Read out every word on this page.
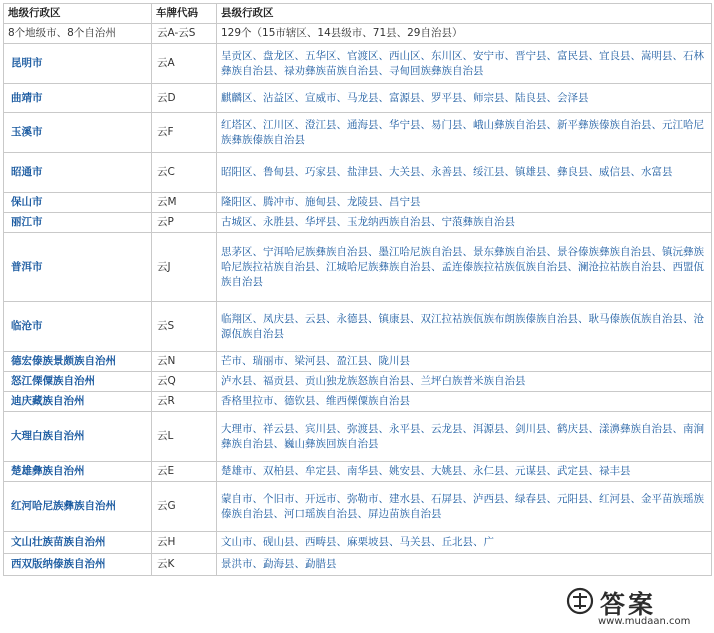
地级行政区	车牌代码	县级行政区
8个地级市、8个自治州	云A-云S	129个（15市辖区、14县级市、71县、29自治县）
昆明市	云A	呈贡区、盘龙区、五华区、官渡区、西山区、东川区、安宁市、晋宁县、富民县、宜良县、嵩明县、石林彝族自治县、禄劝彝族苗族自治县、寻甸回族彝族自治县
曲靖市	云D	麒麟区、沾益区、宣威市、马龙县、富源县、罗平县、师宗县、陆良县、会泽县
玉溪市	云F	红塔区、江川区、澄江县、通海县、华宁县、易门县、峨山彝族自治县、新平彝族傣族自治县、元江哈尼族彝族傣族自治县
昭通市	云C	昭阳区、鲁甸县、巧家县、盐津县、大关县、永善县、绥江县、镇雄县、彝良县、威信县、水富县
保山市	云M	隆阳区、腾冲市、施甸县、龙陵县、昌宁县
丽江市	云P	古城区、永胜县、华坪县、玉龙纳西族自治县、宁蒗彝族自治县
普洱市	云J	思茅区、宁洱哈尼族彝族自治县、墨江哈尼族自治县、景东彝族自治县、景谷傣族彝族自治县、镇沅彝族哈尼族拉祜族自治县、江城哈尼族彝族自治县、孟连傣族拉祜族佤族自治县、澜沧拉祜族自治县、西盟佤族自治县
临沧市	云S	临翔区、凤庆县、云县、永德县、镇康县、双江拉祜族佤族布朗族傣族自治县、耿马傣族佤族自治县、沧源佤族自治县
德宏傣族景颇族自治州	云N	芒市、瑞丽市、梁河县、盈江县、陇川县
怒江傈僳族自治州	云Q	泸水县、福贡县、贡山独龙族怒族自治县、兰坪白族普米族自治县
迪庆藏族自治州	云R	香格里拉市、德钦县、维西傈僳族自治县
大理白族自治州	云L	大理市、祥云县、宾川县、弥渡县、永平县、云龙县、洱源县、剑川县、鹤庆县、漾濞彝族自治县、南涧彝族自治县、巍山彝族回族自治县
楚雄彝族自治州	云E	楚雄市、双柏县、牟定县、南华县、姚安县、大姚县、永仁县、元谋县、武定县、禄丰县
红河哈尼族彝族自治州	云G	蒙自市、个旧市、开远市、弥勒市、建水县、石屏县、泸西县、绿春县、元阳县、红河县、金平苗族瑶族傣族自治县、河口瑶族自治县、屏边苗族自治县
文山壮族苗族自治州	云H	文山市、砚山县、西畴县、麻栗坡县、马关县、丘北县、广
西双版纳傣族自治州	云K	景洪市、勐海县、勐腊县
答案
www.mudaan.com
